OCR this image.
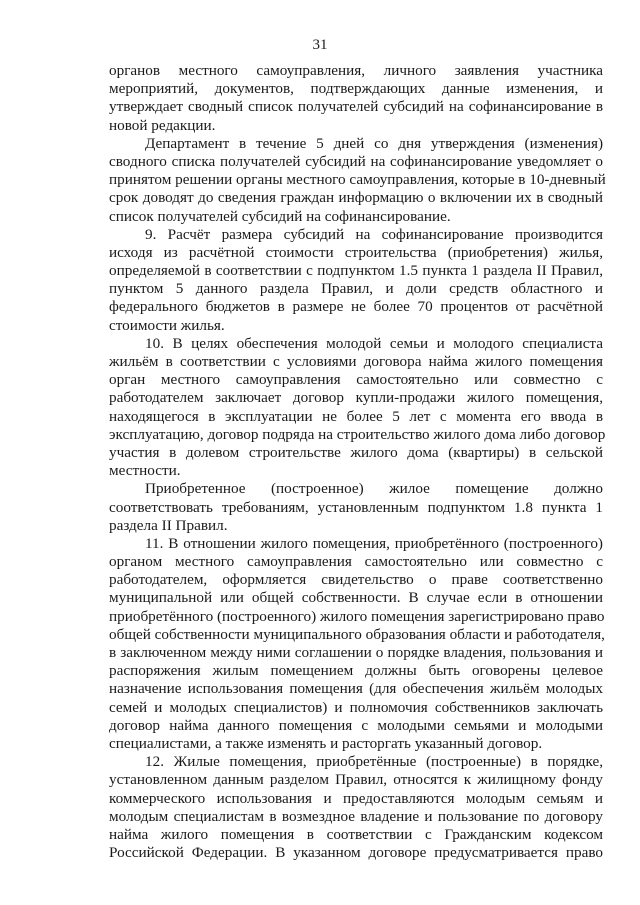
31
органов местного самоуправления, личного заявления участника
мероприятий, документов, подтверждающих данные изменения, и
утверждает сводный список получателей субсидий на софинансирование в
новой редакции.
Департамент в течение 5 дней со дня утверждения (изменения)
сводного списка получателей субсидий на софинансирование уведомляет о
принятом решении органы местного самоуправления, которые в 10-дневный
срок доводят до сведения граждан информацию о включении их в сводный
список получателей субсидий на софинансирование.
9. Расчёт размера субсидий на софинансирование производится
исходя из расчётной стоимости строительства (приобретения) жилья,
определяемой в соответствии с подпунктом 1.5 пункта 1 раздела II Правил,
пунктом 5 данного раздела Правил, и доли средств областного и
федерального бюджетов в размере не более 70 процентов от расчётной
стоимости жилья.
10. В целях обеспечения молодой семьи и молодого специалиста
жильём в соответствии с условиями договора найма жилого помещения
орган местного самоуправления самостоятельно или совместно с
работодателем заключает договор купли-продажи жилого помещения,
находящегося в эксплуатации не более 5 лет с момента его ввода в
эксплуатацию, договор подряда на строительство жилого дома либо договор
участия в долевом строительстве жилого дома (квартиры) в сельской
местности.
Приобретенное (построенное) жилое помещение должно
соответствовать требованиям, установленным подпунктом 1.8 пункта 1
раздела II Правил.
11. В отношении жилого помещения, приобретённого (построенного)
органом местного самоуправления самостоятельно или совместно с
работодателем, оформляется свидетельство о праве соответственно
муниципальной или общей собственности. В случае если в отношении
приобретённого (построенного) жилого помещения зарегистрировано право
общей собственности муниципального образования области и работодателя,
в заключенном между ними соглашении о порядке владения, пользования и
распоряжения жилым помещением должны быть оговорены целевое
назначение использования помещения (для обеспечения жильём молодых
семей и молодых специалистов) и полномочия собственников заключать
договор найма данного помещения с молодыми семьями и молодыми
специалистами, а также изменять и расторгать указанный договор.
12. Жилые помещения, приобретённые (построенные) в порядке,
установленном данным разделом Правил, относятся к жилищному фонду
коммерческого использования и предоставляются молодым семьям и
молодым специалистам в возмездное владение и пользование по договору
найма жилого помещения в соответствии с Гражданским кодексом
Российской Федерации. В указанном договоре предусматривается право
